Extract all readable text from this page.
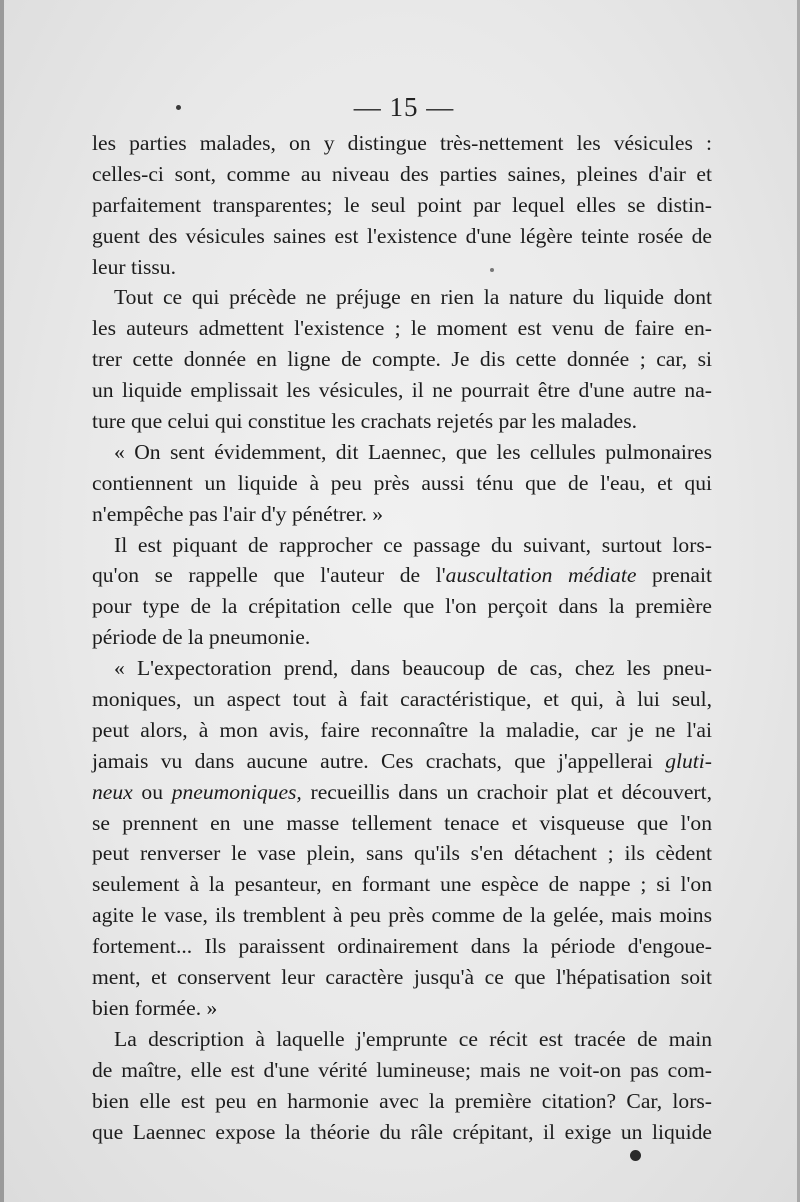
— 15 —
les parties malades, on y distingue très-nettement les vésicules :
celles-ci sont, comme au niveau des parties saines, pleines d'air et
parfaitement transparentes; le seul point par lequel elles se distin-
guent des vésicules saines est l'existence d'une légère teinte rosée de
leur tissu.
Tout ce qui précède ne préjuge en rien la nature du liquide dont
les auteurs admettent l'existence ; le moment est venu de faire en-
trer cette donnée en ligne de compte. Je dis cette donnée ; car, si
un liquide emplissait les vésicules, il ne pourrait être d'une autre na-
ture que celui qui constitue les crachats rejetés par les malades.
« On sent évidemment, dit Laennec, que les cellules pulmonaires
contiennent un liquide à peu près aussi ténu que de l'eau, et qui
n'empêche pas l'air d'y pénétrer. »
Il est piquant de rapprocher ce passage du suivant, surtout lors-
qu'on se rappelle que l'auteur de l'auscultation médiate prenait
pour type de la crépitation celle que l'on perçoit dans la première
période de la pneumonie.
« L'expectoration prend, dans beaucoup de cas, chez les pneu-
moniques, un aspect tout à fait caractéristique, et qui, à lui seul,
peut alors, à mon avis, faire reconnaître la maladie, car je ne l'ai
jamais vu dans aucune autre. Ces crachats, que j'appellerai gluti-
neux ou pneumoniques, recueillis dans un crachoir plat et découvert,
se prennent en une masse tellement tenace et visqueuse que l'on
peut renverser le vase plein, sans qu'ils s'en détachent ; ils cèdent
seulement à la pesanteur, en formant une espèce de nappe ; si l'on
agite le vase, ils tremblent à peu près comme de la gelée, mais moins
fortement... Ils paraissent ordinairement dans la période d'engoue-
ment, et conservent leur caractère jusqu'à ce que l'hépatisation soit
bien formée. »
La description à laquelle j'emprunte ce récit est tracée de main
de maître, elle est d'une vérité lumineuse; mais ne voit-on pas com-
bien elle est peu en harmonie avec la première citation? Car, lors-
que Laennec expose la théorie du râle crépitant, il exige un liquide
